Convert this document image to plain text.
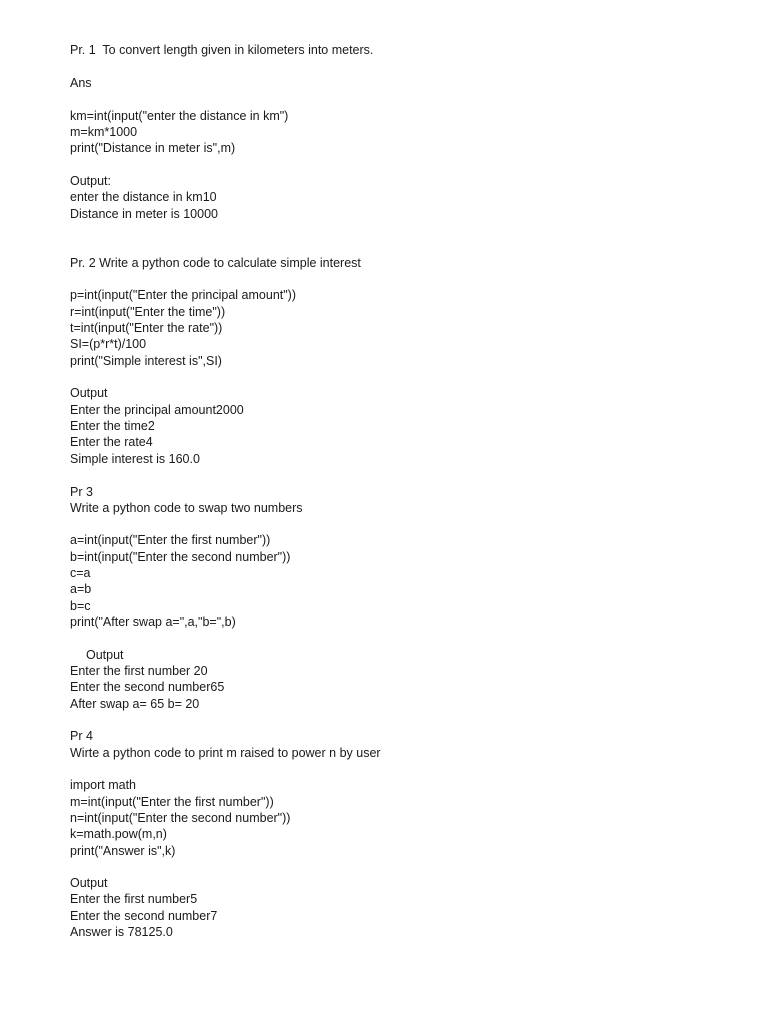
Pr. 1  To convert length given in kilometers into meters.
Ans
km=int(input("enter the distance in km")
m=km*1000
print("Distance in meter is",m)
Output:
enter the distance in km10
Distance in meter is 10000
Pr. 2 Write a python code to calculate simple interest
p=int(input("Enter the principal amount"))
r=int(input("Enter the time"))
t=int(input("Enter the rate"))
SI=(p*r*t)/100
print("Simple interest is",SI)
Output
Enter the principal amount2000
Enter the time2
Enter the rate4
Simple interest is 160.0
Pr 3
Write a python code to swap two numbers
a=int(input("Enter the first number"))
b=int(input("Enter the second number"))
c=a
a=b
b=c
print("After swap a=",a,"b=",b)
Output
Enter the first number 20
Enter the second number65
After swap a= 65 b= 20
Pr 4
Wirte a python code to print m raised to power n by user
import math
m=int(input("Enter the first number"))
n=int(input("Enter the second number"))
k=math.pow(m,n)
print("Answer is",k)
Output
Enter the first number5
Enter the second number7
Answer is 78125.0
